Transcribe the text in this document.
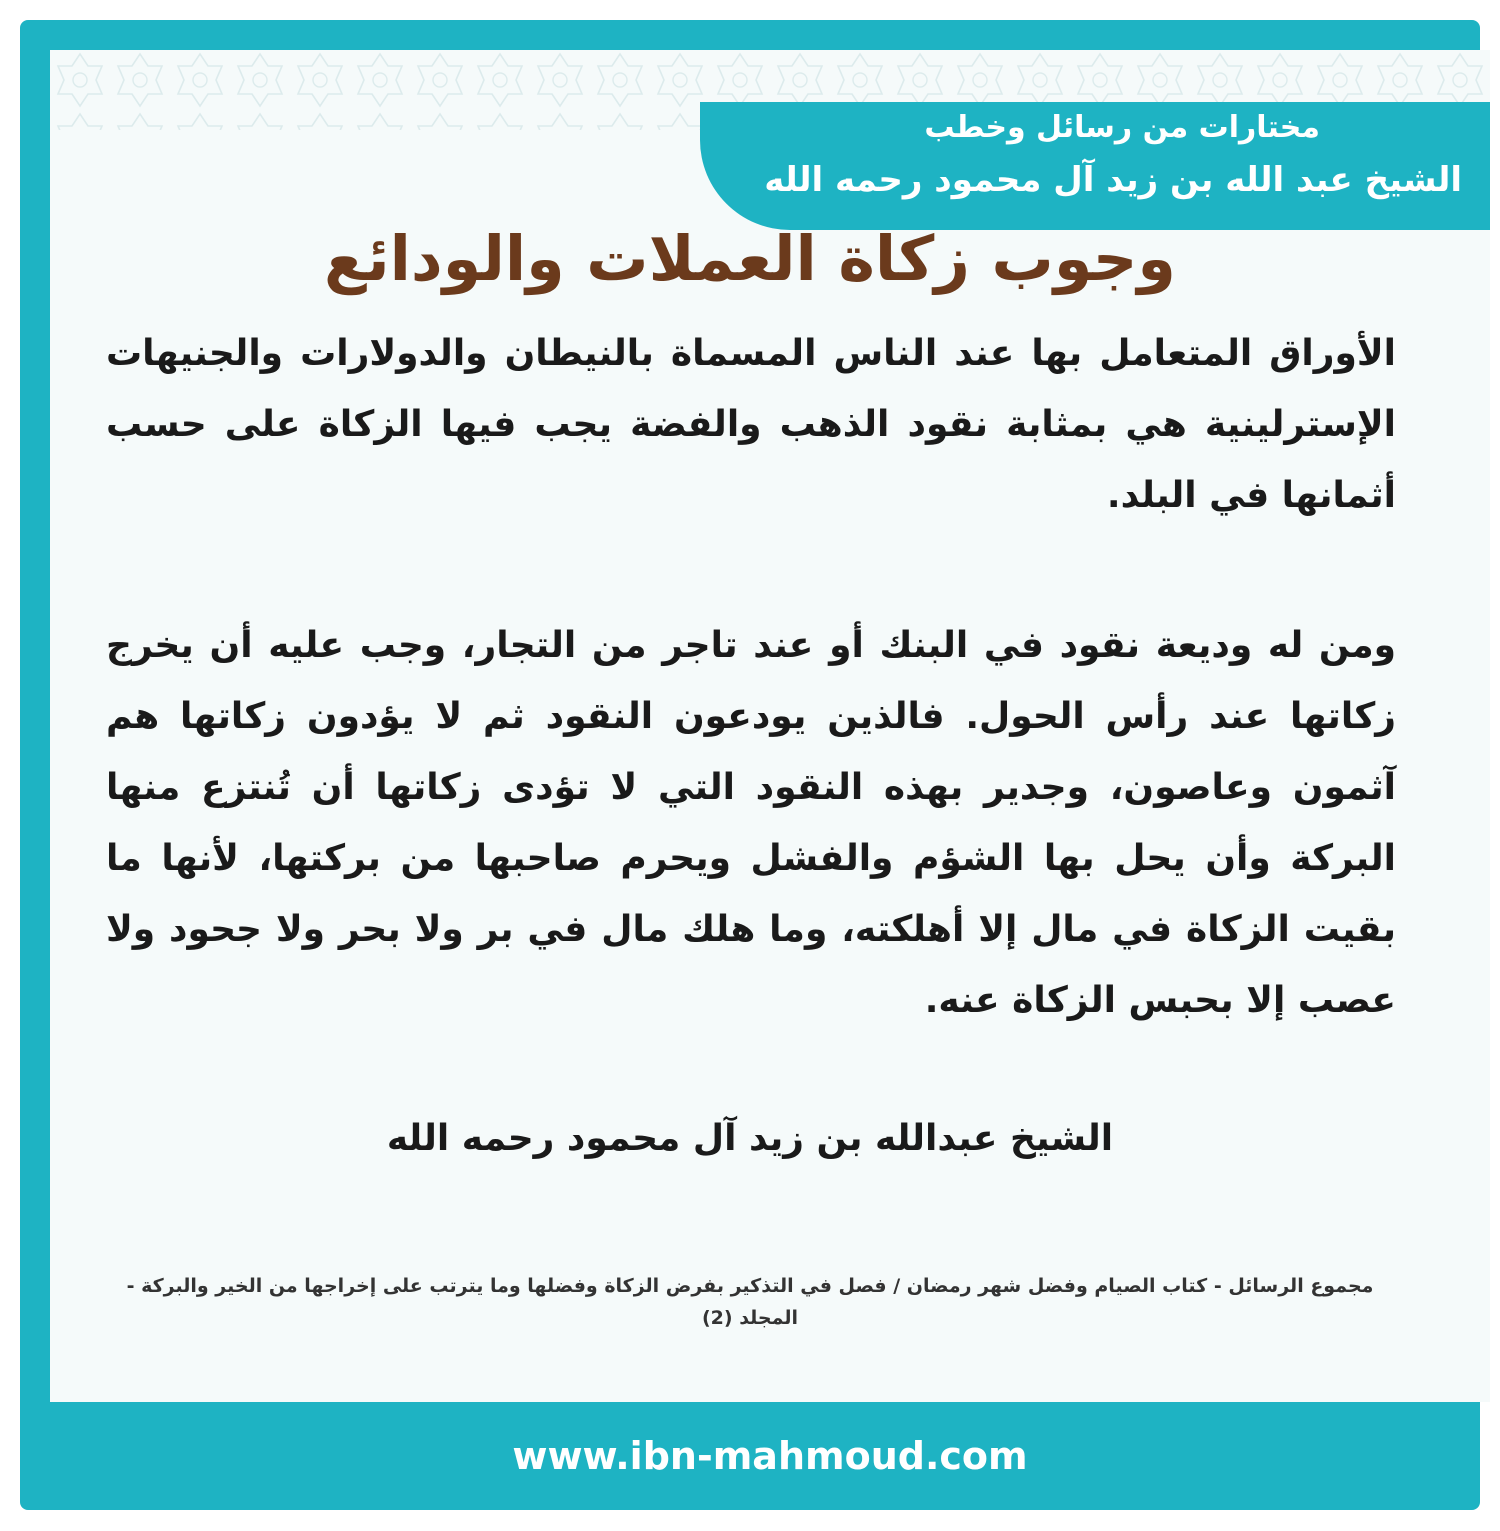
مختارات من رسائل وخطب
الشيخ عبد الله بن زيد آل محمود رحمه الله
www.ibn-mahmoud.com
وجوب زكاة العملات والودائع

الأوراق المتعامل بها عند الناس المسماة بالنيطان والدولارات والجنيهات الإسترلينية هي بمثابة نقود الذهب والفضة يجب فيها الزكاة على حسب أثمانها في البلد.

ومن له وديعة نقود في البنك أو عند تاجر من التجار، وجب عليه أن يخرج زكاتها عند رأس الحول. فالذين يودعون النقود ثم لا يؤدون زكاتها هم آثمون وعاصون، وجدير بهذه النقود التي لا تؤدى زكاتها أن تُنتزع منها البركة وأن يحل بها الشؤم والفشل ويحرم صاحبها من بركتها، لأنها ما بقيت الزكاة في مال إلا أهلكته، وما هلك مال في بر ولا بحر ولا جحود ولا عصب إلا بحبس الزكاة عنه.

الشيخ عبدالله بن زيد آل محمود رحمه الله

مجموع الرسائل - كتاب الصيام وفضل شهر رمضان / فصل في التذكير بفرض الزكاة وفضلها وما يترتب على إخراجها من الخير والبركة - المجلد (2)
